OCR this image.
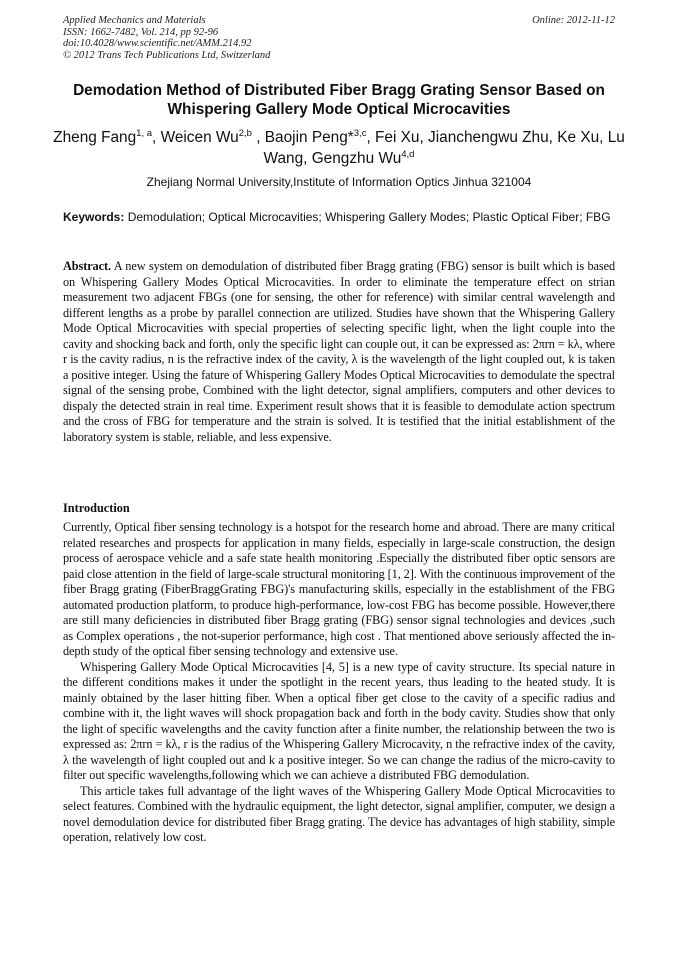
Applied Mechanics and Materials	Online: 2012-11-12
ISSN: 1662-7482, Vol. 214, pp 92-96
doi:10.4028/www.scientific.net/AMM.214.92
© 2012 Trans Tech Publications Ltd, Switzerland
Demodation Method of Distributed Fiber Bragg Grating Sensor Based on Whispering Gallery Mode Optical Microcavities
Zheng Fang$^{1, a}$, Weicen Wu$^{2,b}$ , Baojin Peng*$^{3,c}$, Fei Xu, Jianchengwu Zhu, Ke Xu, Lu Wang, Gengzhu Wu$^{4,d}$
Zhejiang Normal University,Institute of Information Optics Jinhua 321004
Keywords: Demodulation; Optical Microcavities; Whispering Gallery Modes; Plastic Optical Fiber; FBG
Abstract. A new system on demodulation of distributed fiber Bragg grating (FBG) sensor is built which is based on Whispering Gallery Modes Optical Microcavities. In order to eliminate the temperature effect on strian measurement two adjacent FBGs (one for sensing, the other for reference) with similar central wavelength and different lengths as a probe by parallel connection are utilized. Studies have shown that the Whispering Gallery Mode Optical Microcavities with special properties of selecting specific light, when the light couple into the cavity and shocking back and forth, only the specific light can couple out, it can be expressed as: 2πrn = kλ, where r is the cavity radius, n is the refractive index of the cavity, λ is the wavelength of the light coupled out, k is taken a positive integer. Using the fature of Whispering Gallery Modes Optical Microcavities to demodulate the spectral signal of the sensing probe, Combined with the light detector, signal amplifiers, computers and other devices to dispaly the detected strain in real time. Experiment result shows that it is feasible to demodulate action spectrum and the cross of FBG for temperature and the strain is solved. It is testified that the initial establishment of the laboratory system is stable, reliable, and less expensive.
Introduction

Currently, Optical fiber sensing technology is a hotspot for the research home and abroad. There are many critical related researches and prospects for application in many fields, especially in large-scale construction, the design process of aerospace vehicle and a safe state health monitoring .Especially the distributed fiber optic sensors are paid close attention in the field of large-scale structural monitoring [1, 2]. With the continuous improvement of the fiber Bragg grating (FiberBraggGrating FBG)'s manufacturing skills, especially in the establishment of the FBG automated production platform, to produce high-performance, low-cost FBG has become possible. However,there are still many deficiencies in distributed fiber Bragg grating (FBG) sensor signal technologies and devices ,such as Complex operations , the not-superior performance, high cost . That mentioned above seriously affected the in-depth study of the optical fiber sensing technology and extensive use.

Whispering Gallery Mode Optical Microcavities [4, 5] is a new type of cavity structure. Its special nature in the different conditions makes it under the spotlight in the recent years, thus leading to the heated study. It is mainly obtained by the laser hitting fiber. When a optical fiber get close to the cavity of a specific radius and combine with it, the light waves will shock propagation back and forth in the body cavity. Studies show that only the light of specific wavelengths and the cavity function after a finite number, the relationship between the two is expressed as: 2πrn = kλ, r is the radius of the Whispering Gallery Microcavity, n the refractive index of the cavity, λ the wavelength of light coupled out and k a positive integer. So we can change the radius of the micro-cavity to filter out specific wavelengths,following which we can achieve a distributed FBG demodulation.

This article takes full advantage of the light waves of the Whispering Gallery Mode Optical Microcavities to select features. Combined with the hydraulic equipment, the light detector, signal amplifier, computer, we design a novel demodulation device for distributed fiber Bragg grating. The device has advantages of high stability, simple operation, relatively low cost.
